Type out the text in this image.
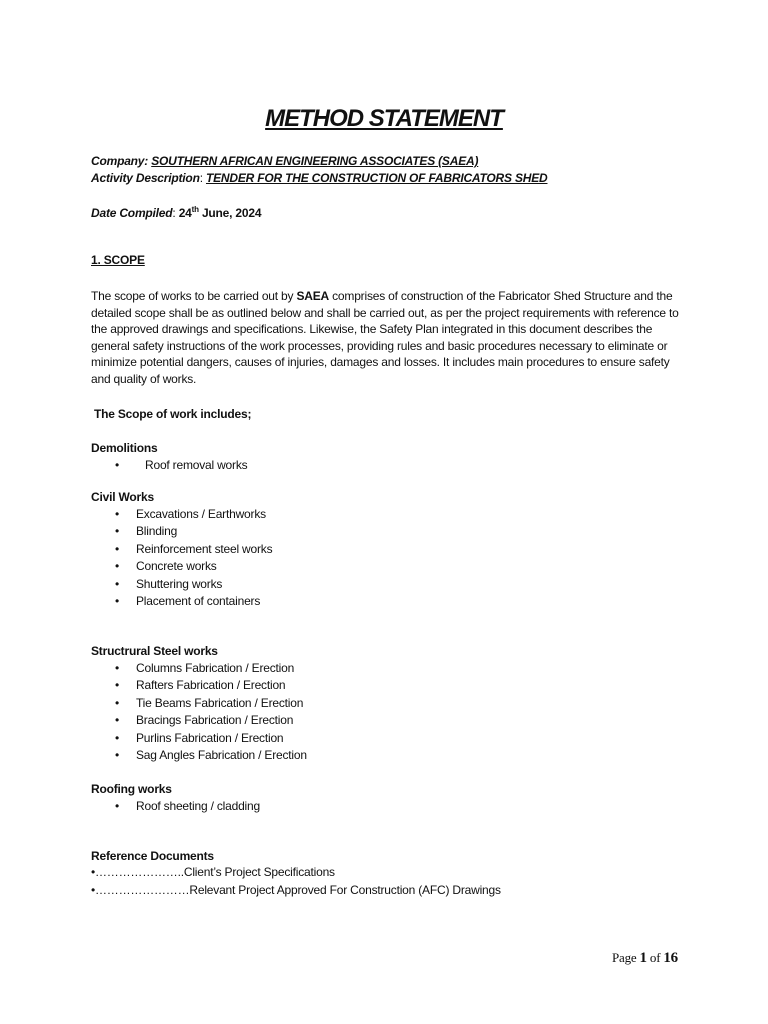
METHOD STATEMENT
Company: SOUTHERN AFRICAN ENGINEERING ASSOCIATES (SAEA)
Activity Description: TENDER FOR THE CONSTRUCTION OF FABRICATORS SHED
Date Compiled: 24th June, 2024
1. SCOPE
The scope of works to be carried out by SAEA comprises of construction of the Fabricator Shed Structure and the detailed scope shall be as outlined below and shall be carried out, as per the project requirements with reference to the approved drawings and specifications. Likewise, the Safety Plan integrated in this document describes the general safety instructions of the work processes, providing rules and basic procedures necessary to eliminate or minimize potential dangers, causes of injuries, damages and losses. It includes main procedures to ensure safety and quality of works.
The Scope of work includes;
Demolitions
• Roof removal works
Civil Works
• Excavations / Earthworks
• Blinding
• Reinforcement steel works
• Concrete works
• Shuttering works
• Placement of containers
Structrural Steel works
• Columns Fabrication / Erection
• Rafters Fabrication / Erection
• Tie Beams Fabrication / Erection
• Bracings Fabrication / Erection
• Purlins Fabrication / Erection
• Sag Angles Fabrication / Erection
Roofing works
• Roof sheeting / cladding
Reference Documents
•…………………..Client’s Project Specifications
•……………………Relevant Project Approved For Construction (AFC) Drawings
Page 1 of 16
